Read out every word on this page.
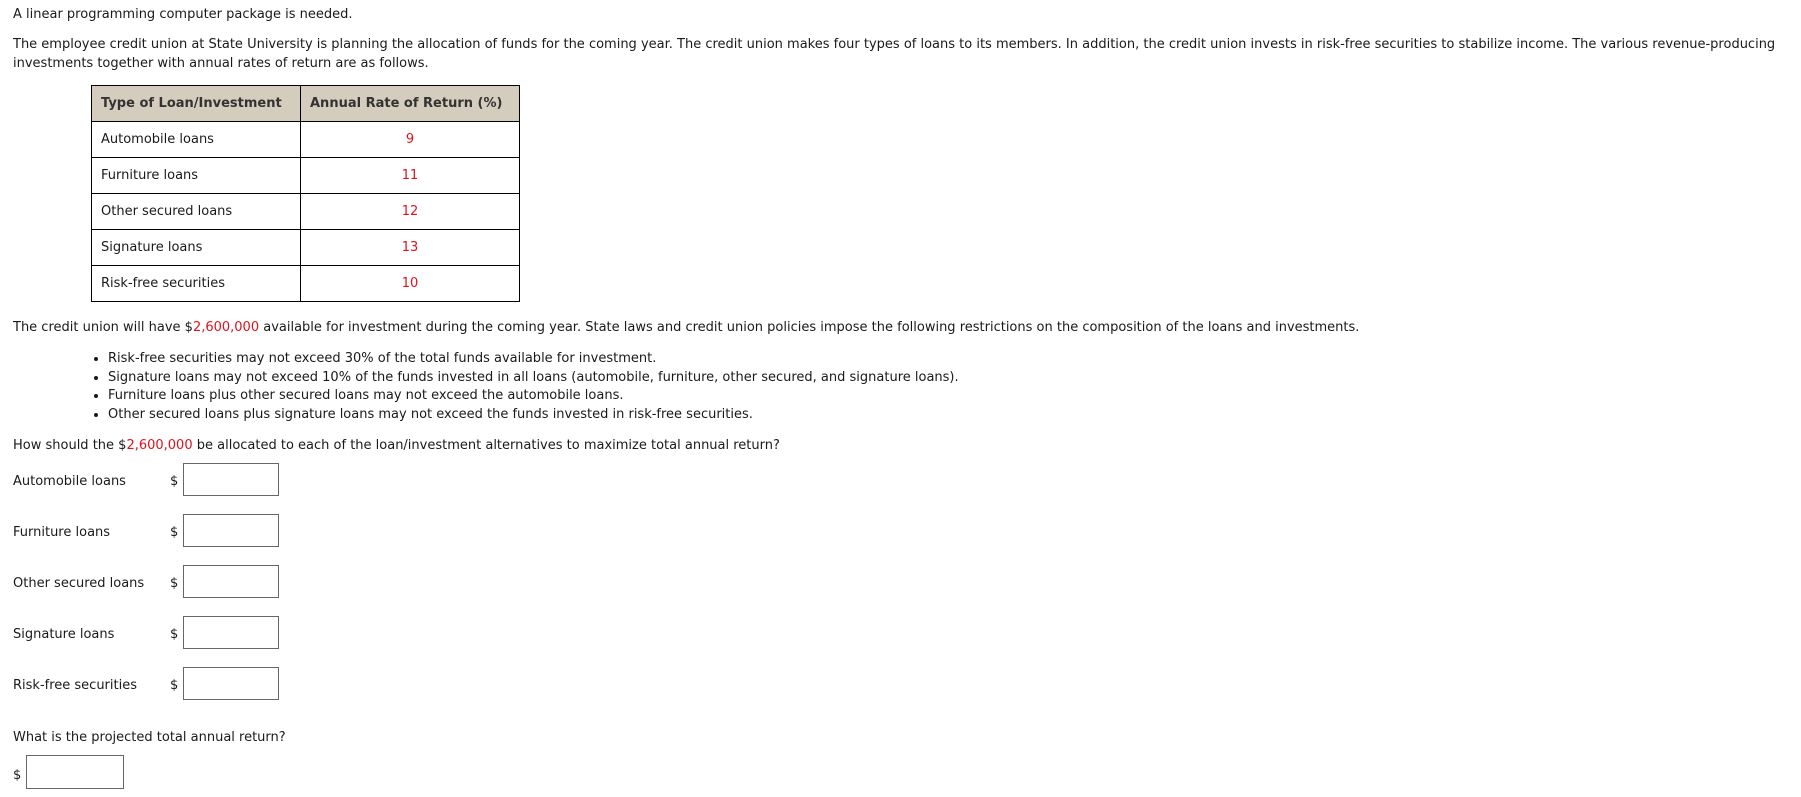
A linear programming computer package is needed.

The employee credit union at State University is planning the allocation of funds for the coming year. The credit union makes four types of loans to its members. In addition, the credit union invests in risk-free securities to stabilize income. The various revenue-producing investments together with annual rates of return are as follows.

Type of Loan/Investment	Annual Rate of Return (%)
Automobile loans	9
Furniture loans	11
Other secured loans	12
Signature loans	13
Risk-free securities	10

The credit union will have $2,600,000 available for investment during the coming year. State laws and credit union policies impose the following restrictions on the composition of the loans and investments.

• Risk-free securities may not exceed 30% of the total funds available for investment.
• Signature loans may not exceed 10% of the funds invested in all loans (automobile, furniture, other secured, and signature loans).
• Furniture loans plus other secured loans may not exceed the automobile loans.
• Other secured loans plus signature loans may not exceed the funds invested in risk-free securities.

How should the $2,600,000 be allocated to each of the loan/investment alternatives to maximize total annual return?

Automobile loans	$
Furniture loans	$
Other secured loans $
Signature loans	$
Risk-free securities	$

What is the projected total annual return?

$
